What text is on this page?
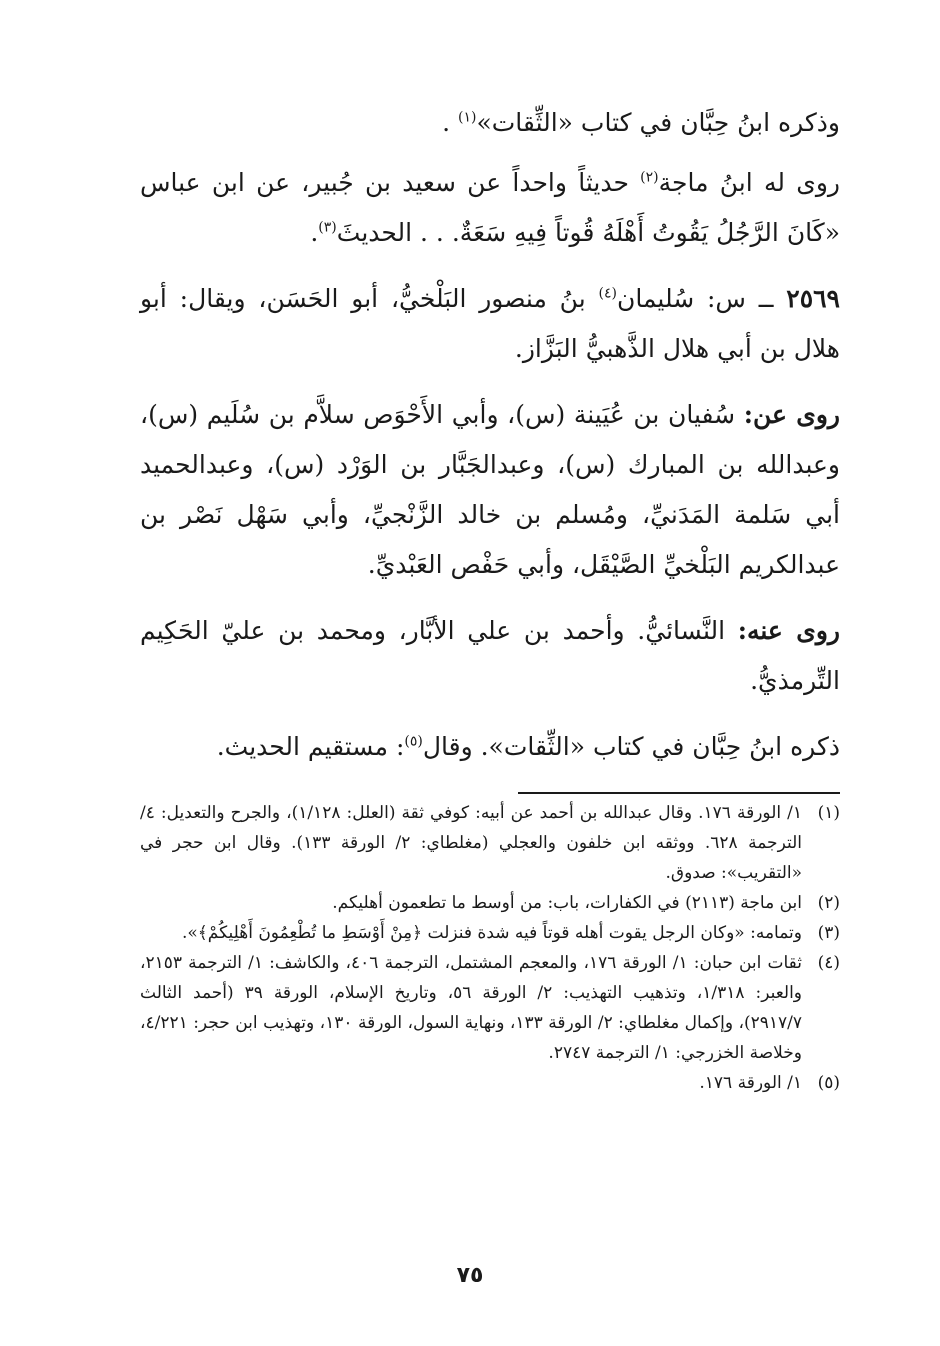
وذكره ابنُ حِبَّان في كتاب «الثِّقات»$^{(١)}$ .

روى له ابنُ ماجة$^{(٢)}$ حديثاً واحداً عن سعيد بن جُبير، عن ابن عباس «كَانَ الرَّجُلُ يَقُوتُ أَهْلَهُ قُوتاً فِيهِ سَعَةٌ. . . الحديثَ$^{(٣)}$.

٢٥٦٩ ــ س: سُليمان$^{(٤)}$ بنُ منصور البَلْخيُّ، أبو الحَسَن، ويقال: أبو هلال بن أبي هلال الذَّهبيُّ البَزَّاز.

روى عن: سُفيان بن عُيَينة (س)، وأبي الأَحْوَص سلاَّم بن سُلَيم (س)، وعبدالله بن المبارك (س)، وعبدالجَبَّار بن الوَرْد (س)، وعبدالحميد أبي سَلمة المَدَنيِّ، ومُسلم بن خالد الزَّنْجيِّ، وأبي سَهْل نَصْر بن عبدالكريم البَلْخيِّ الصَّيْقَل، وأبي حَفْص العَبْديِّ.

روى عنه: النَّسائيُّ. وأحمد بن علي الأبَّار، ومحمد بن عليّ الحَكِيم التِّرمذيُّ.

ذكره ابنُ حِبَّان في كتاب «الثِّقات». وقال$^{(٥)}$: مستقيم الحديث.

(١)
١/ الورقة ١٧٦. وقال عبدالله بن أحمد عن أبيه: كوفي ثقة (العلل: ١/١٢٨)، والجرح والتعديل: ٤/ الترجمة ٦٢٨. ووثقه ابن خلفون والعجلي (مغلطاي: ٢/ الورقة ١٣٣). وقال ابن حجر في «التقريب»: صدوق.
(٢)
ابن ماجة (٢١١٣) في الكفارات، باب: من أوسط ما تطعمون أهليكم.
(٣)
وتمامه: «وكان الرجل يقوت أهله قوتاً فيه شدة فنزلت ﴿مِنْ أَوْسَطِ ما تُطْعِمُونَ أَهْلِيكُمْ﴾».
(٤)
ثقات ابن حبان: ١/ الورقة ١٧٦، والمعجم المشتمل، الترجمة ٤٠٦، والكاشف: ١/ الترجمة ٢١٥٣، والعبر: ١/٣١٨، وتذهيب التهذيب: ٢/ الورقة ٥٦، وتاريخ الإسلام، الورقة ٣٩ (أحمد الثالث ٢٩١٧/٧)، وإكمال مغلطاي: ٢/ الورقة ١٣٣، ونهاية السول، الورقة ١٣٠، وتهذيب ابن حجر: ٤/٢٢١، وخلاصة الخزرجي: ١/ الترجمة ٢٧٤٧.
(٥)
١/ الورقة ١٧٦.
٧٥
